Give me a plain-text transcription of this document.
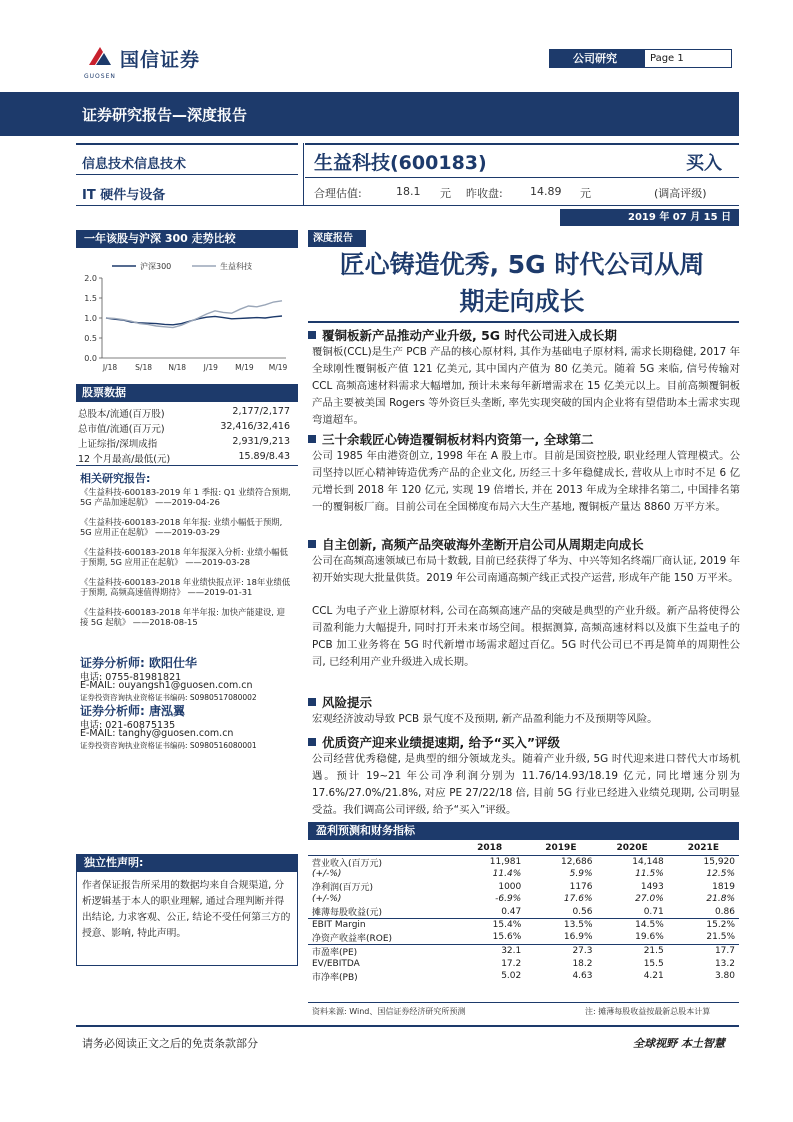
国信证券
GUOSEN
公司研究	Page 1
证券研究报告—深度报告
信息技术信息技术
IT 硬件与设备
生益科技(600183)	买入
合理估值:	18.1 元 昨收盘: 14.89 元	(调高评级)
2019 年 07 月 15 日
一年该股与沪深 300 走势比较
2.0
1.5
1.0
0.5
0.0
J/18 S/18 N/18 J/19 M/19 M/19
沪深300	生益科技
股票数据
总股本/流通(百万股)	2,177/2,177
总市值/流通(百万元)	32,416/32,416
上证综指/深圳成指	2,931/9,213
12 个月最高/最低(元)	15.89/8.43
相关研究报告:
《生益科技-600183-2019 年 1 季报: Q1 业绩符合预期, 5G 产品加速起航》 ——2019-04-26
《生益科技-600183-2018 年年报: 业绩小幅低于预期, 5G 应用正在起航》 ——2019-03-29
《生益科技-600183-2018 年年报深入分析: 业绩小幅低于预期, 5G 应用正在起航》 ——2019-03-28
《生益科技-600183-2018 年业绩快报点评: 18年业绩低于预期, 高频高速值得期待》 ——2019-01-31
《生益科技-600183-2018 年半年报: 加快产能建设, 迎接 5G 起航》 ——2018-08-15
证券分析师: 欧阳仕华
电话: 0755-81981821
E-MAIL: ouyangsh1@guosen.com.cn
证券投资咨询执业资格证书编码: S0980517080002
证券分析师: 唐泓翼
电话: 021-60875135
E-MAIL: tanghy@guosen.com.cn
证券投资咨询执业资格证书编码: S0980516080001
独立性声明:
作者保证报告所采用的数据均来自合规渠道, 分析逻辑基于本人的职业理解, 通过合理判断并得出结论, 力求客观、公正, 结论不受任何第三方的授意、影响, 特此声明。
深度报告
匠心铸造优秀, 5G 时代公司从周
期走向成长
覆铜板新产品推动产业升级, 5G 时代公司进入成长期
覆铜板(CCL)是生产 PCB 产品的核心原材料, 其作为基础电子原材料, 需求长期稳健, 2017 年全球刚性覆铜板产值 121 亿美元, 其中国内产值为 80 亿美元。随着 5G 来临, 信号传输对 CCL 高频高速材料需求大幅增加, 预计未来每年新增需求在 15 亿美元以上。目前高频覆铜板产品主要被美国 Rogers 等外资巨头垄断, 率先实现突破的国内企业将有望借助本土需求实现弯道超车。
三十余载匠心铸造覆铜板材料内资第一, 全球第二
公司 1985 年由港资创立, 1998 年在 A 股上市。目前是国资控股, 职业经理人管理模式。公司坚持以匠心精神铸造优秀产品的企业文化, 历经三十多年稳健成长, 营收从上市时不足 6 亿元增长到 2018 年 120 亿元, 实现 19 倍增长, 并在 2013 年成为全球排名第二, 中国排名第一的覆铜板厂商。目前公司在全国梯度布局六大生产基地, 覆铜板产量达 8860 万平方米。
自主创新, 高频产品突破海外垄断开启公司从周期走向成长
公司在高频高速领域已布局十数载, 目前已经获得了华为、中兴等知名终端厂商认证, 2019 年初开始实现大批量供货。2019 年公司南通高频产线正式投产运营, 形成年产能 150 万平米。
CCL 为电子产业上游原材料, 公司在高频高速产品的突破是典型的产业升级。新产品将使得公司盈利能力大幅提升, 同时打开未来市场空间。根据测算, 高频高速材料以及旗下生益电子的 PCB 加工业务将在 5G 时代新增市场需求超过百亿。5G 时代公司已不再是简单的周期性公司, 已经利用产业升级进入成长期。
风险提示
宏观经济波动导致 PCB 景气度不及预期, 新产品盈利能力不及预期等风险。
优质资产迎来业绩提速期, 给予“买入”评级
公司经营优秀稳健, 是典型的细分领域龙头。随着产业升级, 5G 时代迎来进口替代大市场机遇。预计 19~21 年公司净利润分别为 11.76/14.93/18.19 亿元, 同比增速分别为 17.6%/27.0%/21.8%, 对应 PE 27/22/18 倍, 目前 5G 行业已经进入业绩兑现期, 公司明显受益。我们调高公司评级, 给予“买入”评级。
盈利预测和财务指标
	2018	2019E	2020E	2021E
营业收入(百万元)	11,981	12,686	14,148	15,920
(+/-%)	11.4%	5.9%	11.5%	12.5%
净利润(百万元)	1000	1176	1493	1819
(+/-%)	-6.9%	17.6%	27.0%	21.8%
摊薄每股收益(元)	0.47	0.56	0.71	0.86
EBIT Margin	15.4%	13.5%	14.5%	15.2%
净资产收益率(ROE)	15.6%	16.9%	19.6%	21.5%
市盈率(PE)	32.1	27.3	21.5	17.7
EV/EBITDA	17.2	18.2	15.5	13.2
市净率(PB)	5.02	4.63	4.21	3.80
资料来源: Wind、国信证券经济研究所预测	注: 摊薄每股收益按最新总股本计算
请务必阅读正文之后的免责条款部分	全球视野 本土智慧
